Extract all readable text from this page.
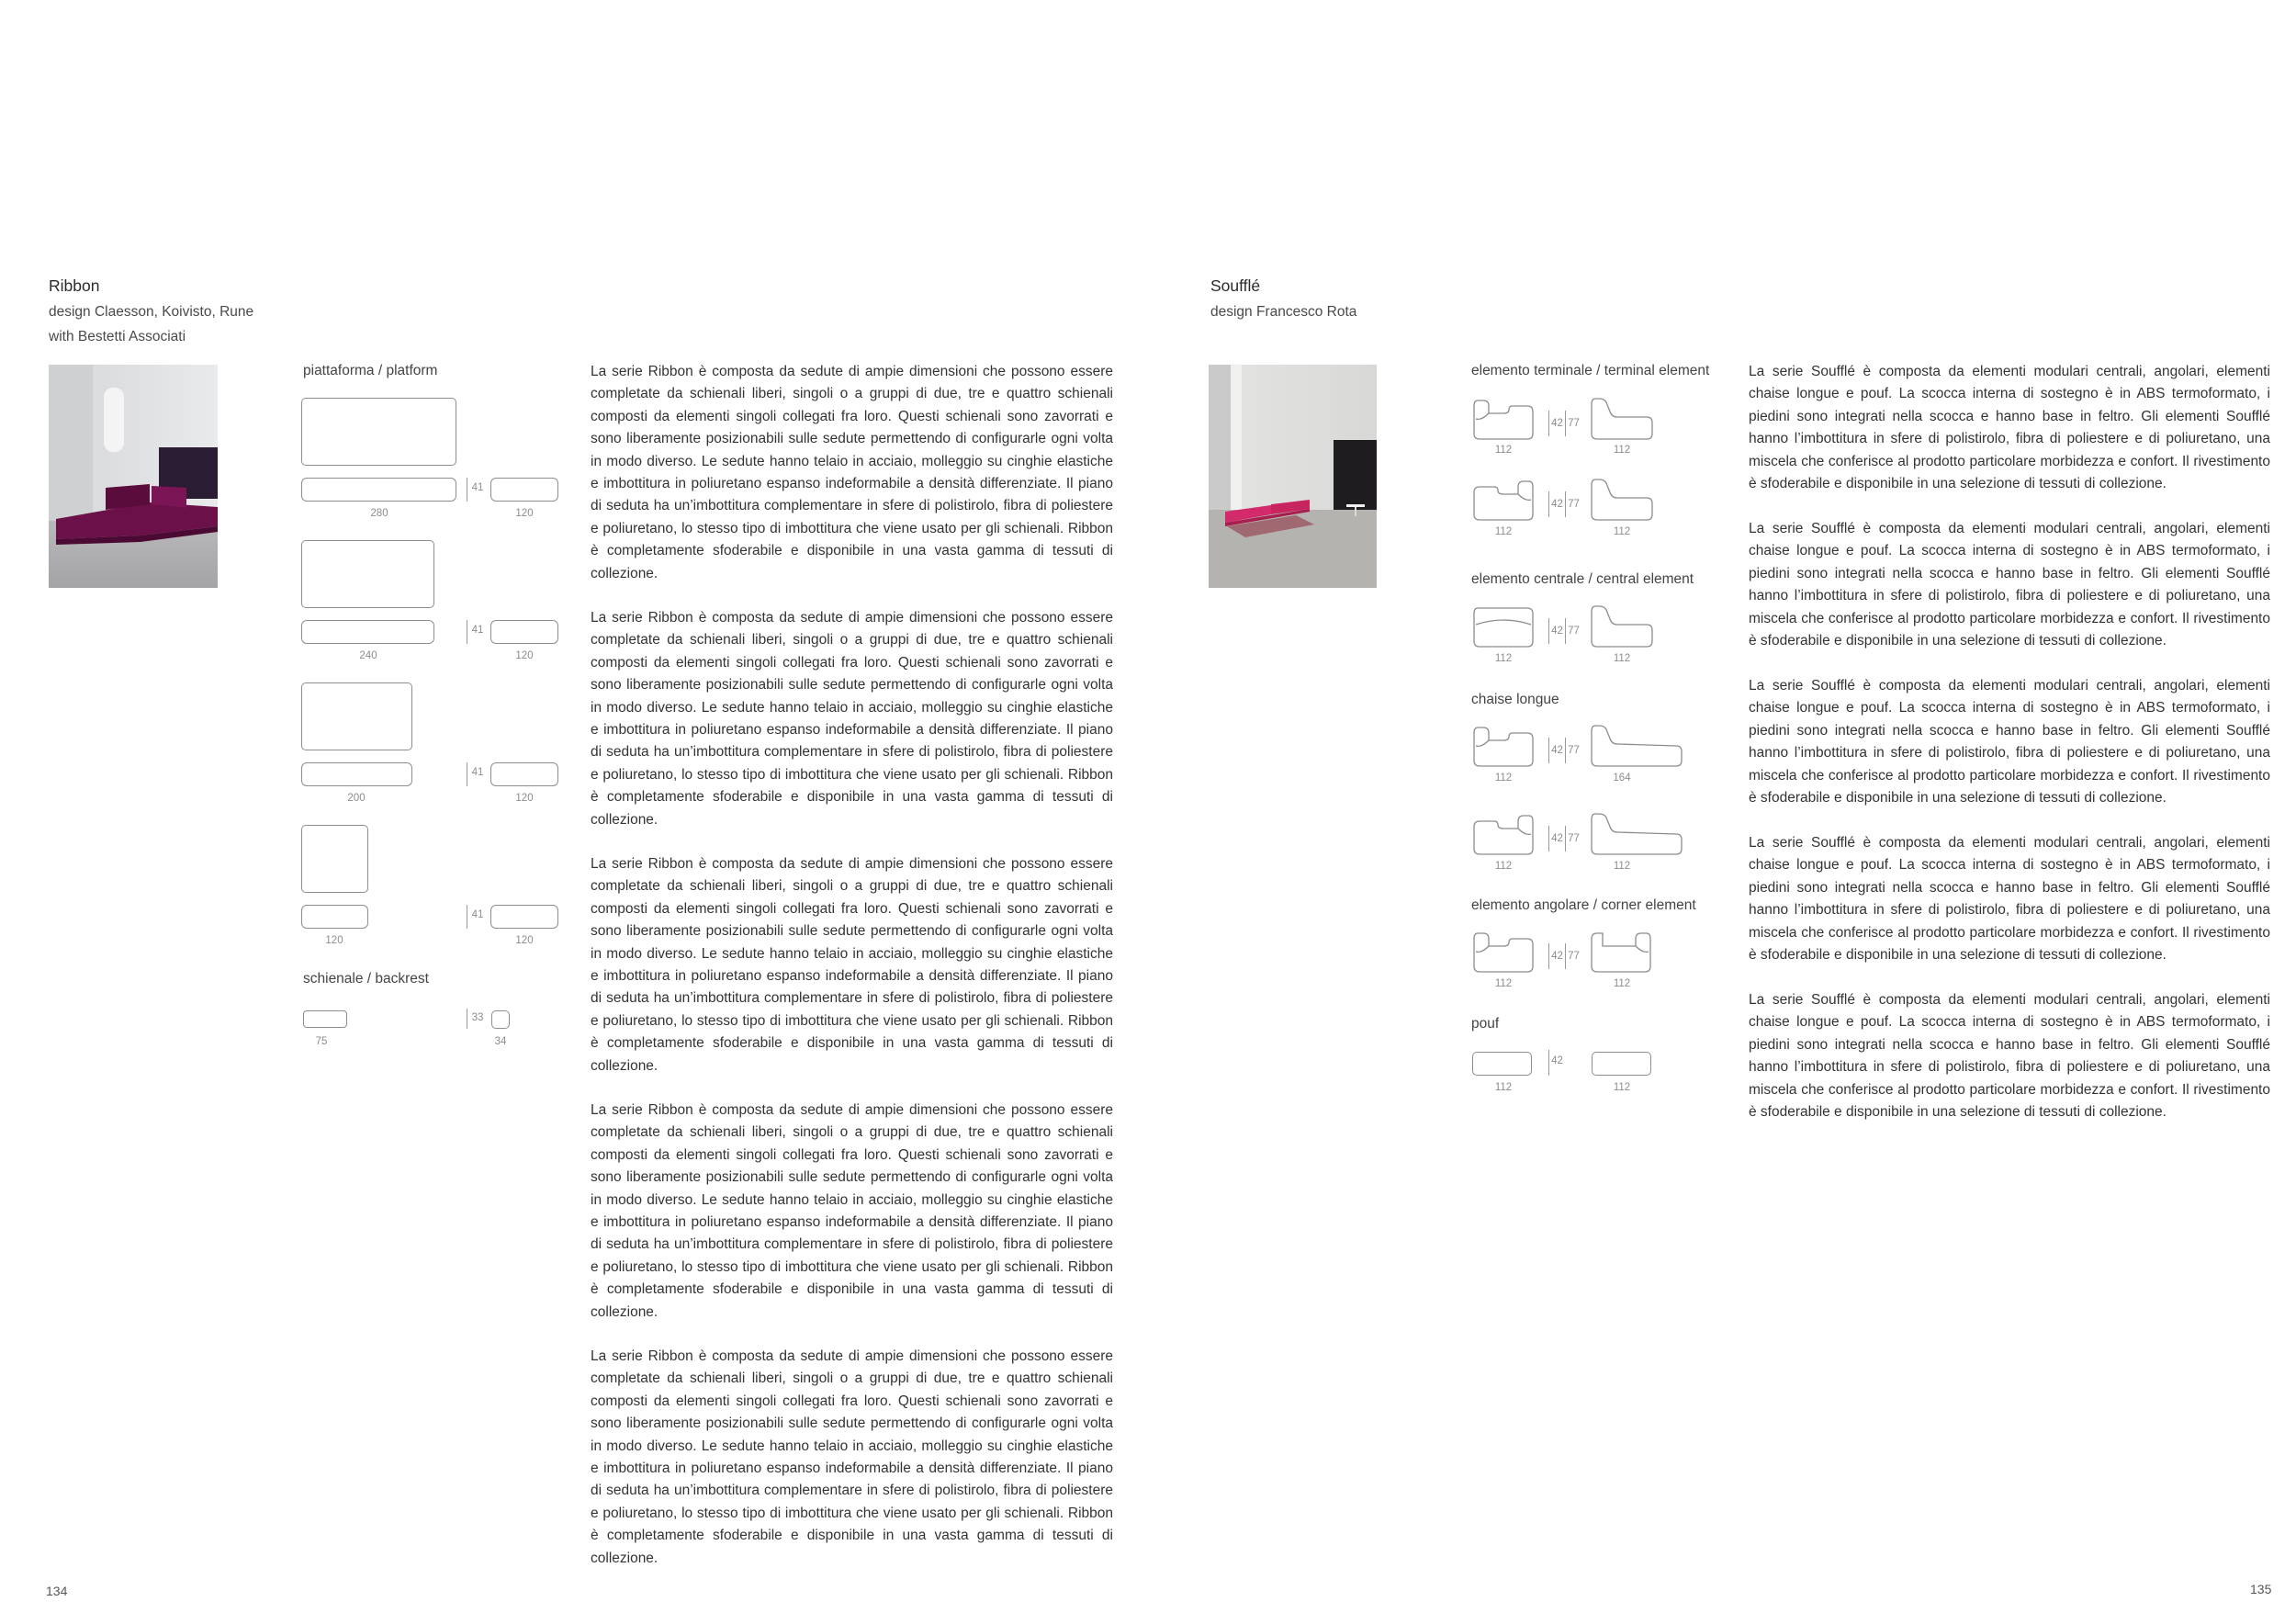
Ribbon
design Claesson, Koivisto, Rune
with Bestetti Associati
piattaforma / platform
41
280	120
41
240	120
41
200	120
41
120	120
schienale / backrest
33
75	34

La serie Ribbon è composta da sedute di ampie dimensioni che possono essere completate da schienali liberi, singoli o a gruppi di due, tre e quattro schienali composti da elementi singoli collegati fra loro. Questi schienali sono zavorrati e sono liberamente posizionabili sulle sedute permettendo di configurarle ogni volta in modo diverso. Le sedute hanno telaio in acciaio, molleggio su cinghie elastiche e imbottitura in poliuretano espanso indeformabile a densità differenziate. Il piano di seduta ha un’imbottitura complementare in sfere di polistirolo, fibra di poliestere e poliuretano, lo stesso tipo di imbottitura che viene usato per gli schienali. Ribbon è completamente sfoderabile e disponibile in una vasta gamma di tessuti di collezione.

La serie Ribbon è composta da sedute di ampie dimensioni che possono essere completate da schienali liberi, singoli o a gruppi di due, tre e quattro schienali composti da elementi singoli collegati fra loro. Questi schienali sono zavorrati e sono liberamente posizionabili sulle sedute permettendo di configurarle ogni volta in modo diverso. Le sedute hanno telaio in acciaio, molleggio su cinghie elastiche e imbottitura in poliuretano espanso indeformabile a densità differenziate. Il piano di seduta ha un’imbottitura complementare in sfere di polistirolo, fibra di poliestere e poliuretano, lo stesso tipo di imbottitura che viene usato per gli schienali. Ribbon è completamente sfoderabile e disponibile in una vasta gamma di tessuti di collezione.

La serie Ribbon è composta da sedute di ampie dimensioni che possono essere completate da schienali liberi, singoli o a gruppi di due, tre e quattro schienali composti da elementi singoli collegati fra loro. Questi schienali sono zavorrati e sono liberamente posizionabili sulle sedute permettendo di configurarle ogni volta in modo diverso. Le sedute hanno telaio in acciaio, molleggio su cinghie elastiche e imbottitura in poliuretano espanso indeformabile a densità differenziate. Il piano di seduta ha un’imbottitura complementare in sfere di polistirolo, fibra di poliestere e poliuretano, lo stesso tipo di imbottitura che viene usato per gli schienali. Ribbon è completamente sfoderabile e disponibile in una vasta gamma di tessuti di collezione.

La serie Ribbon è composta da sedute di ampie dimensioni che possono essere completate da schienali liberi, singoli o a gruppi di due, tre e quattro schienali composti da elementi singoli collegati fra loro. Questi schienali sono zavorrati e sono liberamente posizionabili sulle sedute permettendo di configurarle ogni volta in modo diverso. Le sedute hanno telaio in acciaio, molleggio su cinghie elastiche e imbottitura in poliuretano espanso indeformabile a densità differenziate. Il piano di seduta ha un’imbottitura complementare in sfere di polistirolo, fibra di poliestere e poliuretano, lo stesso tipo di imbottitura che viene usato per gli schienali. Ribbon è completamente sfoderabile e disponibile in una vasta gamma di tessuti di collezione.

La serie Ribbon è composta da sedute di ampie dimensioni che possono essere completate da schienali liberi, singoli o a gruppi di due, tre e quattro schienali composti da elementi singoli collegati fra loro. Questi schienali sono zavorrati e sono liberamente posizionabili sulle sedute permettendo di configurarle ogni volta in modo diverso. Le sedute hanno telaio in acciaio, molleggio su cinghie elastiche e imbottitura in poliuretano espanso indeformabile a densità differenziate. Il piano di seduta ha un’imbottitura complementare in sfere di polistirolo, fibra di poliestere e poliuretano, lo stesso tipo di imbottitura che viene usato per gli schienali. Ribbon è completamente sfoderabile e disponibile in una vasta gamma di tessuti di collezione.

134
Soufflé
design Francesco Rota
elemento terminale / terminal element
42 77
112	112
42 77
112	112
elemento centrale / central element
42 77
112	112
chaise longue
42 77
112	164
42 77
112	112
elemento angolare / corner element
42 77
112	112
pouf
42
112	112

La serie Soufflé è composta da elementi modulari centrali, angolari, elementi chaise longue e pouf. La scocca interna di sostegno è in ABS termoformato, i piedini sono integrati nella scocca e hanno base in feltro. Gli elementi Soufflé hanno l’imbottitura in sfere di polistirolo, fibra di poliestere e di poliuretano, una miscela che conferisce al prodotto particolare morbidezza e confort. Il rivestimento è sfoderabile e disponibile in una selezione di tessuti di collezione.

La serie Soufflé è composta da elementi modulari centrali, angolari, elementi chaise longue e pouf. La scocca interna di sostegno è in ABS termoformato, i piedini sono integrati nella scocca e hanno base in feltro. Gli elementi Soufflé hanno l’imbottitura in sfere di polistirolo, fibra di poliestere e di poliuretano, una miscela che conferisce al prodotto particolare morbidezza e confort. Il rivestimento è sfoderabile e disponibile in una selezione di tessuti di collezione.

La serie Soufflé è composta da elementi modulari centrali, angolari, elementi chaise longue e pouf. La scocca interna di sostegno è in ABS termoformato, i piedini sono integrati nella scocca e hanno base in feltro. Gli elementi Soufflé hanno l’imbottitura in sfere di polistirolo, fibra di poliestere e di poliuretano, una miscela che conferisce al prodotto particolare morbidezza e confort. Il rivestimento è sfoderabile e disponibile in una selezione di tessuti di collezione.

La serie Soufflé è composta da elementi modulari centrali, angolari, elementi chaise longue e pouf. La scocca interna di sostegno è in ABS termoformato, i piedini sono integrati nella scocca e hanno base in feltro. Gli elementi Soufflé hanno l’imbottitura in sfere di polistirolo, fibra di poliestere e di poliuretano, una miscela che conferisce al prodotto particolare morbidezza e confort. Il rivestimento è sfoderabile e disponibile in una selezione di tessuti di collezione.

La serie Soufflé è composta da elementi modulari centrali, angolari, elementi chaise longue e pouf. La scocca interna di sostegno è in ABS termoformato, i piedini sono integrati nella scocca e hanno base in feltro. Gli elementi Soufflé hanno l’imbottitura in sfere di polistirolo, fibra di poliestere e di poliuretano, una miscela che conferisce al prodotto particolare morbidezza e confort. Il rivestimento è sfoderabile e disponibile in una selezione di tessuti di collezione.

135
